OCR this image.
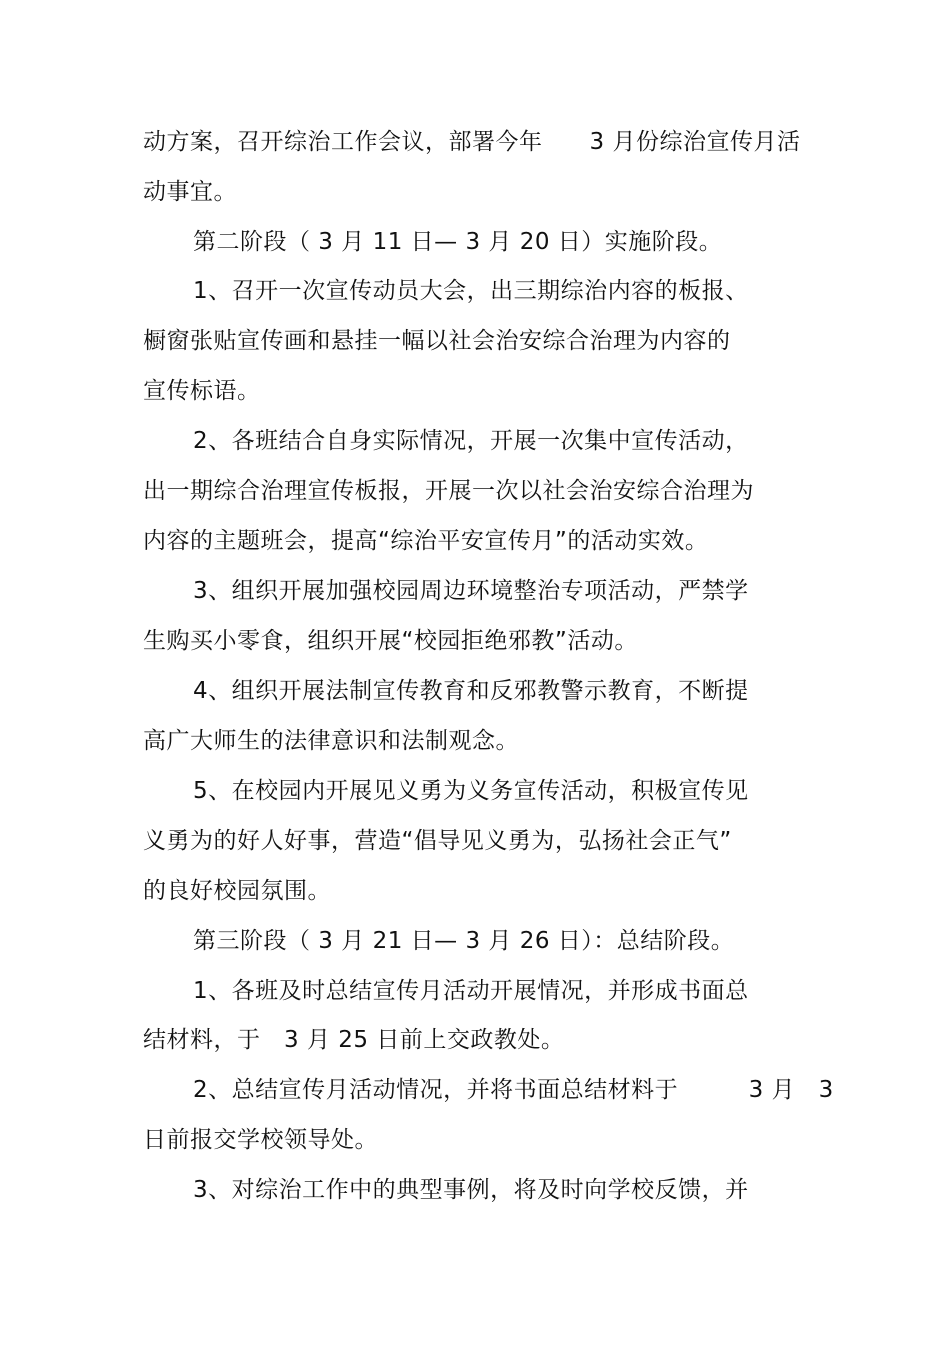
动方案，召开综治工作会议，部署今年　　3 月份综治宣传月活
动事宜。
第二阶段（ 3 月 11 日— 3 月 20 日）实施阶段。
1、召开一次宣传动员大会，出三期综治内容的板报、
橱窗张贴宣传画和悬挂一幅以社会治安综合治理为内容的
宣传标语。
2、各班结合自身实际情况，开展一次集中宣传活动，
出一期综合治理宣传板报，开展一次以社会治安综合治理为
内容的主题班会，提高“综治平安宣传月”的活动实效。
3、组织开展加强校园周边环境整治专项活动，严禁学
生购买小零食，组织开展“校园拒绝邪教”活动。
4、组织开展法制宣传教育和反邪教警示教育，不断提
高广大师生的法律意识和法制观念。
5、在校园内开展见义勇为义务宣传活动，积极宣传见
义勇为的好人好事，营造“倡导见义勇为，弘扬社会正气”
的良好校园氛围。
第三阶段（ 3 月 21 日— 3 月 26 日）：总结阶段。
1、各班及时总结宣传月活动开展情况，并形成书面总
结材料，于　3 月 25 日前上交政教处。
2、总结宣传月活动情况，并将书面总结材料于　　　3 月　3
日前报交学校领导处。
3、对综治工作中的典型事例，将及时向学校反馈，并
